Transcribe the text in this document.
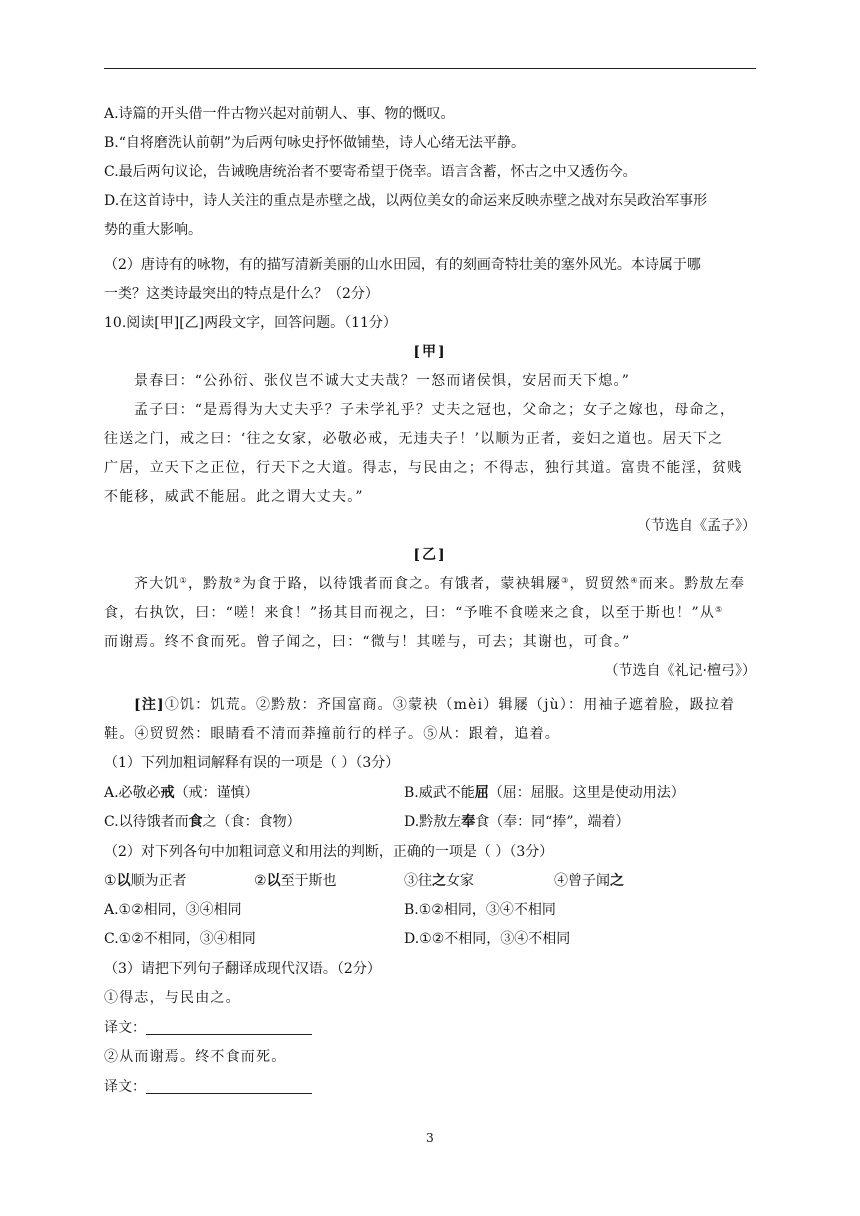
A.诗篇的开头借一件古物兴起对前朝人、事、物的慨叹。
B.“自将磨洗认前朝”为后两句咏史抒怀做铺垫，诗人心绪无法平静。
C.最后两句议论，告诫晚唐统治者不要寄希望于侥幸。语言含蓄，怀古之中又透伤今。
D.在这首诗中，诗人关注的重点是赤壁之战，以两位美女的命运来反映赤壁之战对东吴政治军事形
势的重大影响。
（2）唐诗有的咏物，有的描写清新美丽的山水田园，有的刻画奇特壮美的塞外风光。本诗属于哪
一类？这类诗最突出的特点是什么？（2分）
10.阅读[甲][乙]两段文字，回答问题。（11分）
[甲]
景春曰：“公孙衍、张仪岂不诚大丈夫哉？一怒而诸侯惧，安居而天下熄。”
孟子曰：“是焉得为大丈夫乎？子未学礼乎？丈夫之冠也，父命之；女子之嫁也，母命之，
往送之门，戒之曰：‘往之女家，必敬必戒，无违夫子！’以顺为正者，妾妇之道也。居天下之
广居，立天下之正位，行天下之大道。得志，与民由之；不得志，独行其道。富贵不能淫，贫贱
不能移，威武不能屈。此之谓大丈夫。”
（节选自《孟子》）
[乙]
齐大饥①，黔敖②为食于路，以待饿者而食之。有饿者，蒙袂辑屦③，贸贸然④而来。黔敖左奉
食，右执饮，曰：“嗟！来食！”扬其目而视之，曰：“予唯不食嗟来之食，以至于斯也！”从⑤
而谢焉。终不食而死。曾子闻之，曰：“微与！其嗟与，可去；其谢也，可食。”
（节选自《礼记·檀弓》）
[注]①饥：饥荒。②黔敖：齐国富商。③蒙袂（mèi）辑屦（jù）：用袖子遮着脸，趿拉着
鞋。④贸贸然：眼睛看不清而莽撞前行的样子。⑤从：跟着，追着。
（1）下列加粗词解释有误的一项是（ ）（3分）
A.必敬必戒（戒：谨慎）	B.威武不能屈（屈：屈服。这里是使动用法）
C.以待饿者而食之（食：食物）	D.黔敖左奉食（奉：同“捧”，端着）
（2）对下列各句中加粗词意义和用法的判断，正确的一项是（ ）（3分）
①以顺为正者	②以至于斯也	③往之女家	④曾子闻之
A.①②相同，③④相同	B.①②相同，③④不相同
C.①②不相同，③④相同	D.①②不相同，③④不相同
（3）请把下列句子翻译成现代汉语。（2分）
①得志，与民由之。
译文：
②从而谢焉。终不食而死。
译文：
3
